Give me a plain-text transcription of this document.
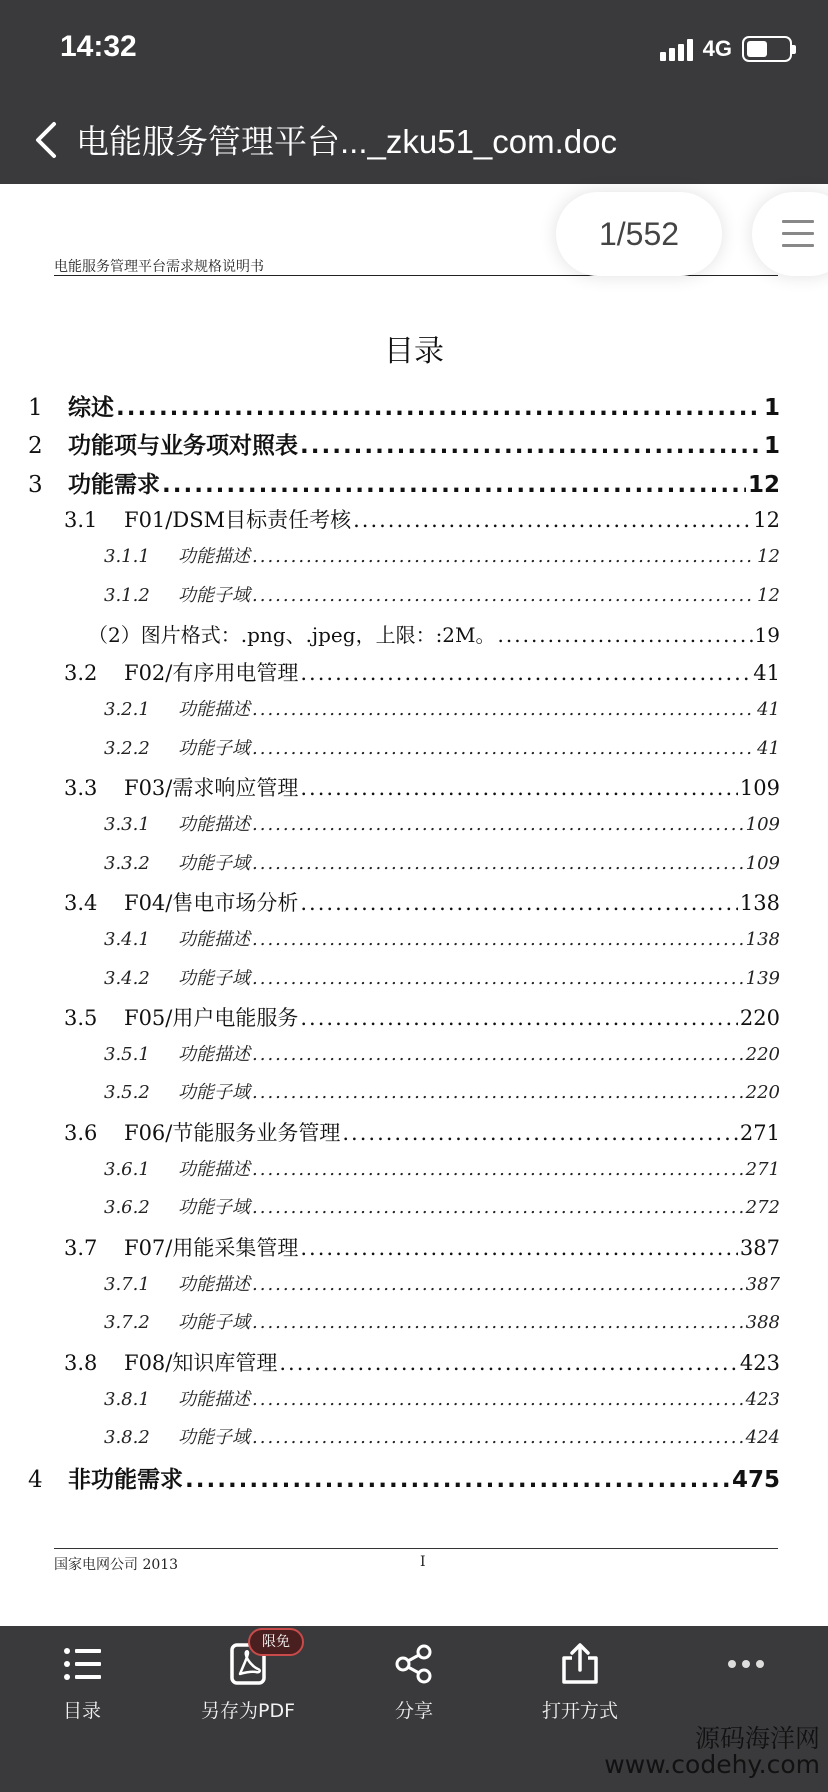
14:32	4G
电能服务管理平台..._zku51_com.doc
电能服务管理平台需求规格说明书
1/552
目录
1	综述 .....	1
2	功能项与业务项对照表 .....	1
3	功能需求 .....	12
3.1	F01/DSM目标责任考核 .....	12
3.1.1	功能描述 .....	12
3.1.2	功能子域 .....	12
（2）图片格式：.png、.jpeg，上限：:2M。 .....	19
3.2	F02/有序用电管理 .....	41
3.2.1	功能描述 .....	41
3.2.2	功能子域 .....	41
3.3	F03/需求响应管理 .....	109
3.3.1	功能描述 .....	109
3.3.2	功能子域 .....	109
3.4	F04/售电市场分析 .....	138
3.4.1	功能描述 .....	138
3.4.2	功能子域 .....	139
3.5	F05/用户电能服务 .....	220
3.5.1	功能描述 .....	220
3.5.2	功能子域 .....	220
3.6	F06/节能服务业务管理 .....	271
3.6.1	功能描述 .....	271
3.6.2	功能子域 .....	272
3.7	F07/用能采集管理 .....	387
3.7.1	功能描述 .....	387
3.7.2	功能子域 .....	388
3.8	F08/知识库管理 .....	423
3.8.1	功能描述 .....	423
3.8.2	功能子域 .....	424
4	非功能需求 .....	475
国家电网公司 2013	I
目录	另存为PDF
限免
分享	打开方式
源码海洋网
www.codehy.com
